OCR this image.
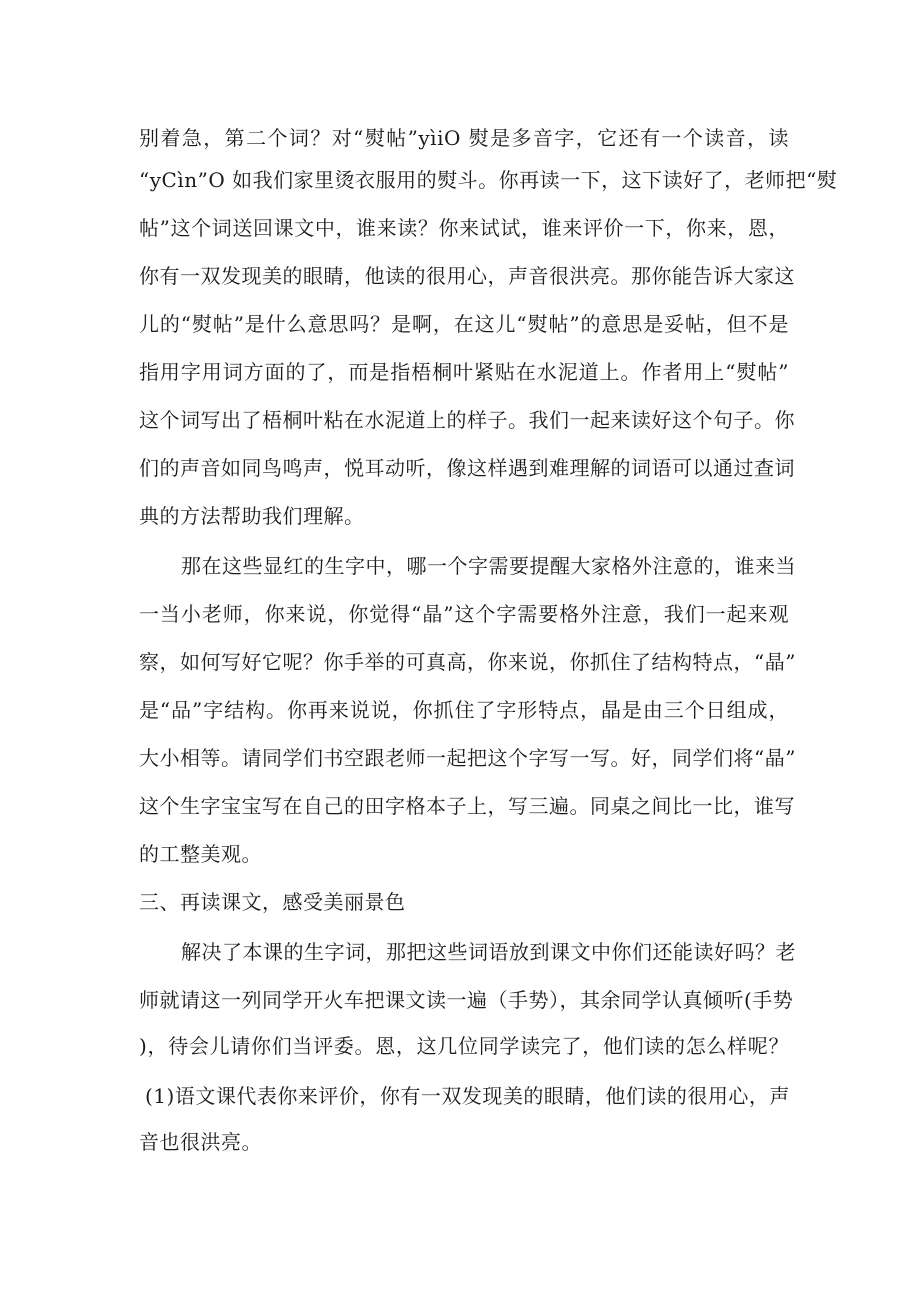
别着急，第二个词？对“熨帖”yìiO 熨是多音字，它还有一个读音，读
“yCìn”O 如我们家里烫衣服用的熨斗。你再读一下，这下读好了，老师把“熨
帖”这个词送回课文中，谁来读？你来试试，谁来评价一下，你来，恩，
你有一双发现美的眼睛，他读的很用心，声音很洪亮。那你能告诉大家这
儿的“熨帖”是什么意思吗？是啊，在这儿“熨帖”的意思是妥帖，但不是
指用字用词方面的了，而是指梧桐叶紧贴在水泥道上。作者用上“熨帖”
这个词写出了梧桐叶粘在水泥道上的样子。我们一起来读好这个句子。你
们的声音如同鸟鸣声，悦耳动听，像这样遇到难理解的词语可以通过查词
典的方法帮助我们理解。
那在这些显红的生字中，哪一个字需要提醒大家格外注意的，谁来当
一当小老师，你来说，你觉得“晶”这个字需要格外注意，我们一起来观
察，如何写好它呢？你手举的可真高，你来说，你抓住了结构特点，“晶”
是“品”字结构。你再来说说，你抓住了字形特点，晶是由三个日组成，
大小相等。请同学们书空跟老师一起把这个字写一写。好，同学们将“晶”
这个生字宝宝写在自己的田字格本子上，写三遍。同桌之间比一比，谁写
的工整美观。
三、再读课文，感受美丽景色
解决了本课的生字词，那把这些词语放到课文中你们还能读好吗？老
师就请这一列同学开火车把课文读一遍（手势），其余同学认真倾听(手势
)，待会儿请你们当评委。恩，这几位同学读完了，他们读的怎么样呢？
(1)语文课代表你来评价，你有一双发现美的眼睛，他们读的很用心，声
音也很洪亮。
